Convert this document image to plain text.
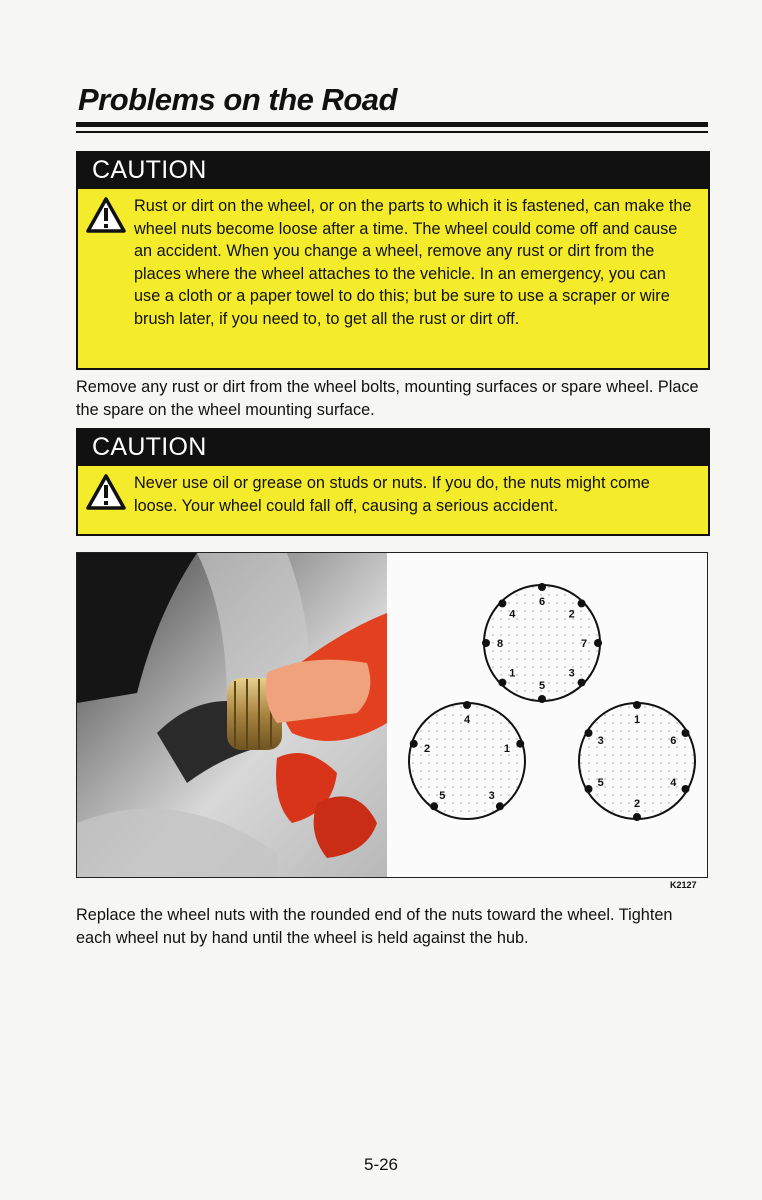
Problems on the Road
CAUTION
Rust or dirt on the wheel, or on the parts to which it is fastened, can make the wheel nuts become loose after a time. The wheel could come off and cause an accident. When you change a wheel, remove any rust or dirt from the places where the wheel attaches to the vehicle. In an emergency, you can use a cloth or a paper towel to do this; but be sure to use a scraper or wire brush later, if you need to, to get all the rust or dirt off.

Remove any rust or dirt from the wheel bolts, mounting surfaces or spare wheel. Place the spare on the wheel mounting surface.

CAUTION
Never use oil or grease on studs or nuts. If you do, the nuts might come loose. Your wheel could fall off, causing a serious accident.
6
2
7
3
5
1
8
4
4
1
3
5
2
1
6
4
2
5
3
K2127

Replace the wheel nuts with the rounded end of the nuts toward the wheel. Tighten each wheel nut by hand until the wheel is held against the hub.

5-26
